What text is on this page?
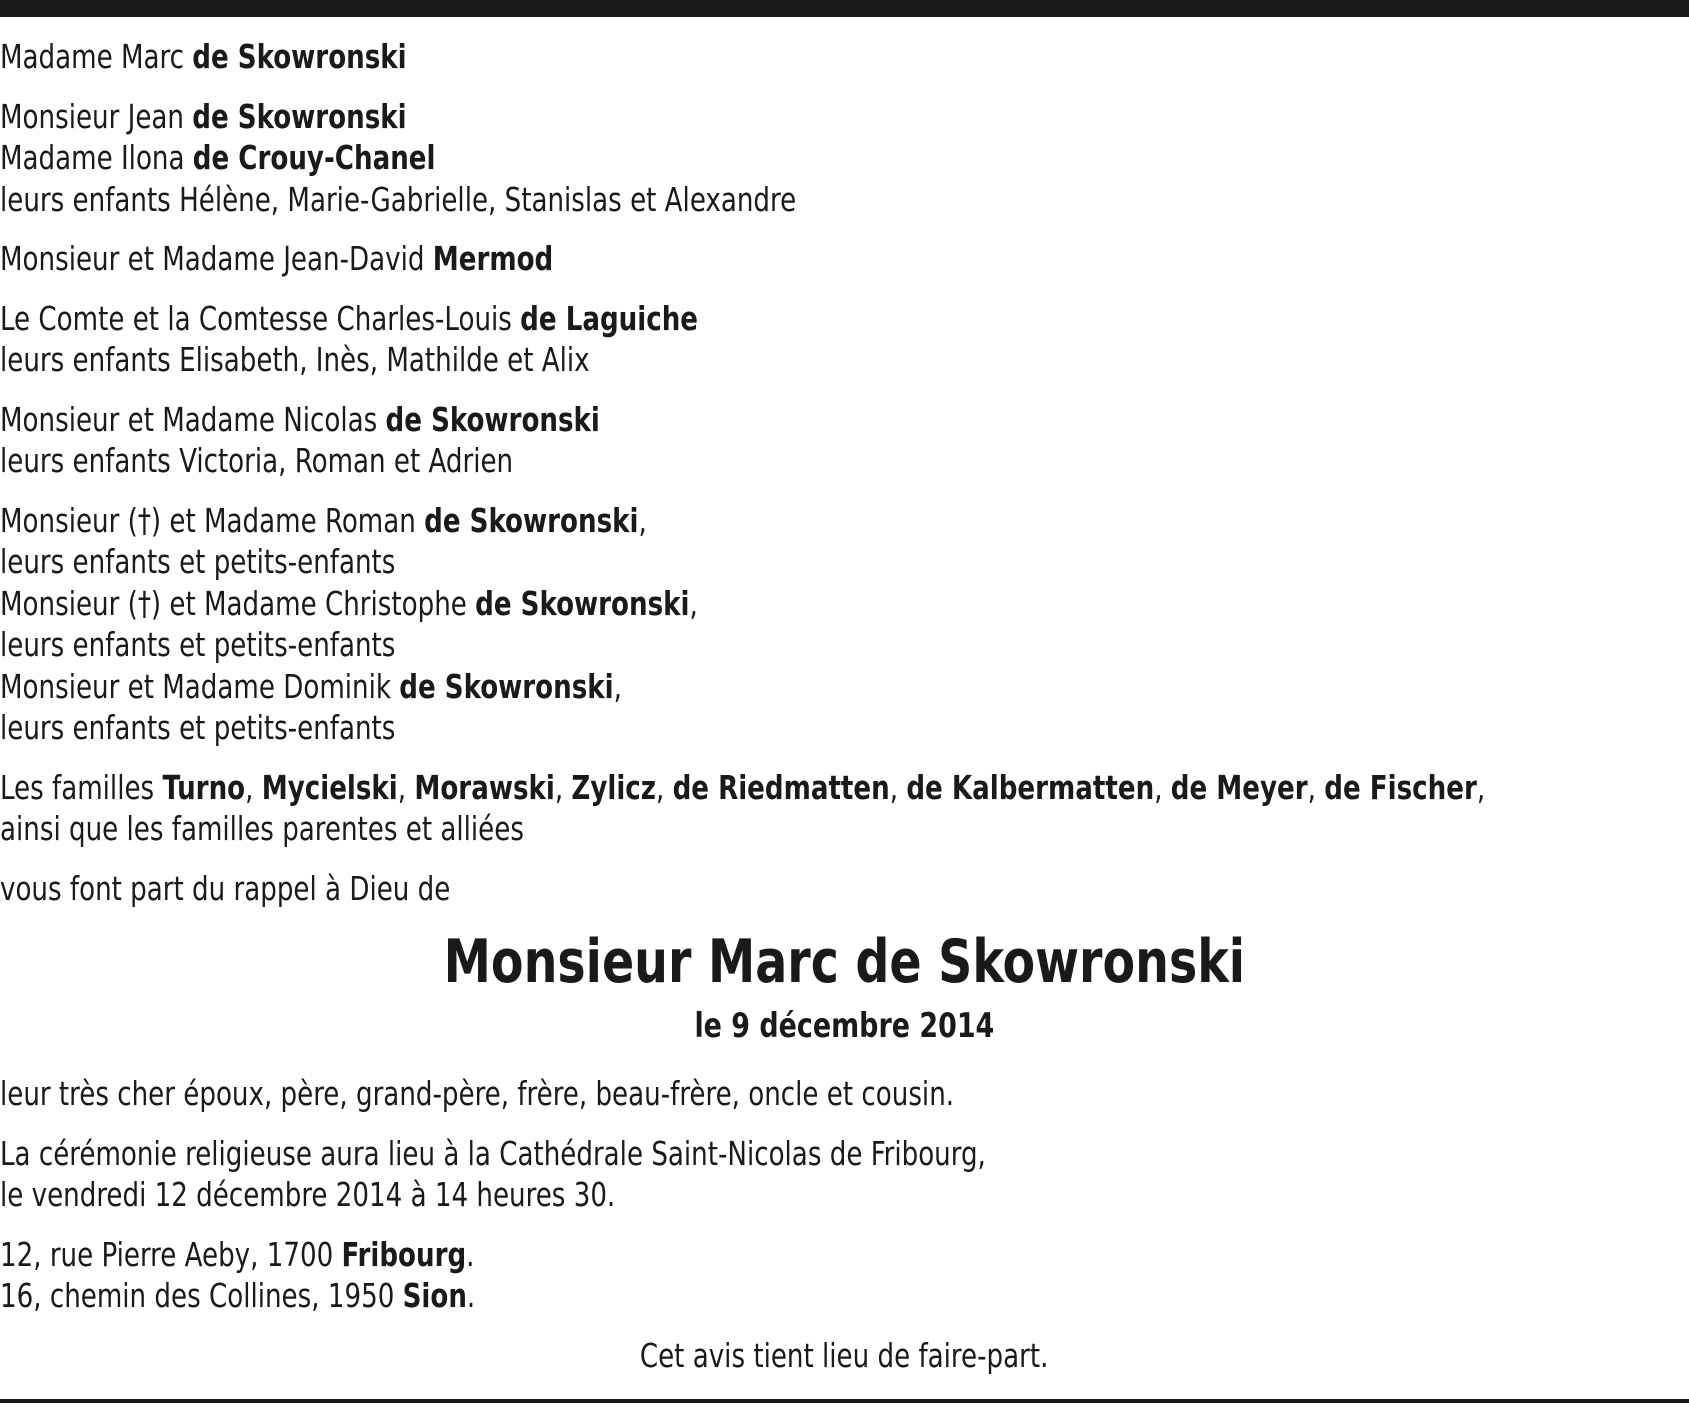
Madame Marc de Skowronski
Monsieur Jean de Skowronski
Madame Ilona de Crouy-Chanel
leurs enfants Hélène, Marie-Gabrielle, Stanislas et Alexandre
Monsieur et Madame Jean-David Mermod
Le Comte et la Comtesse Charles-Louis de Laguiche
leurs enfants Elisabeth, Inès, Mathilde et Alix
Monsieur et Madame Nicolas de Skowronski
leurs enfants Victoria, Roman et Adrien
Monsieur (†) et Madame Roman de Skowronski,
leurs enfants et petits-enfants
Monsieur (†) et Madame Christophe de Skowronski,
leurs enfants et petits-enfants
Monsieur et Madame Dominik de Skowronski,
leurs enfants et petits-enfants
Les familles Turno, Mycielski, Morawski, Zylicz, de Riedmatten, de Kalbermatten, de Meyer, de Fischer,
ainsi que les familles parentes et alliées
vous font part du rappel à Dieu de
Monsieur Marc de Skowronski
le 9 décembre 2014
leur très cher époux, père, grand-père, frère, beau-frère, oncle et cousin.
La cérémonie religieuse aura lieu à la Cathédrale Saint-Nicolas de Fribourg,
le vendredi 12 décembre 2014 à 14 heures 30.
12, rue Pierre Aeby, 1700 Fribourg.
16, chemin des Collines, 1950 Sion.
Cet avis tient lieu de faire-part.
